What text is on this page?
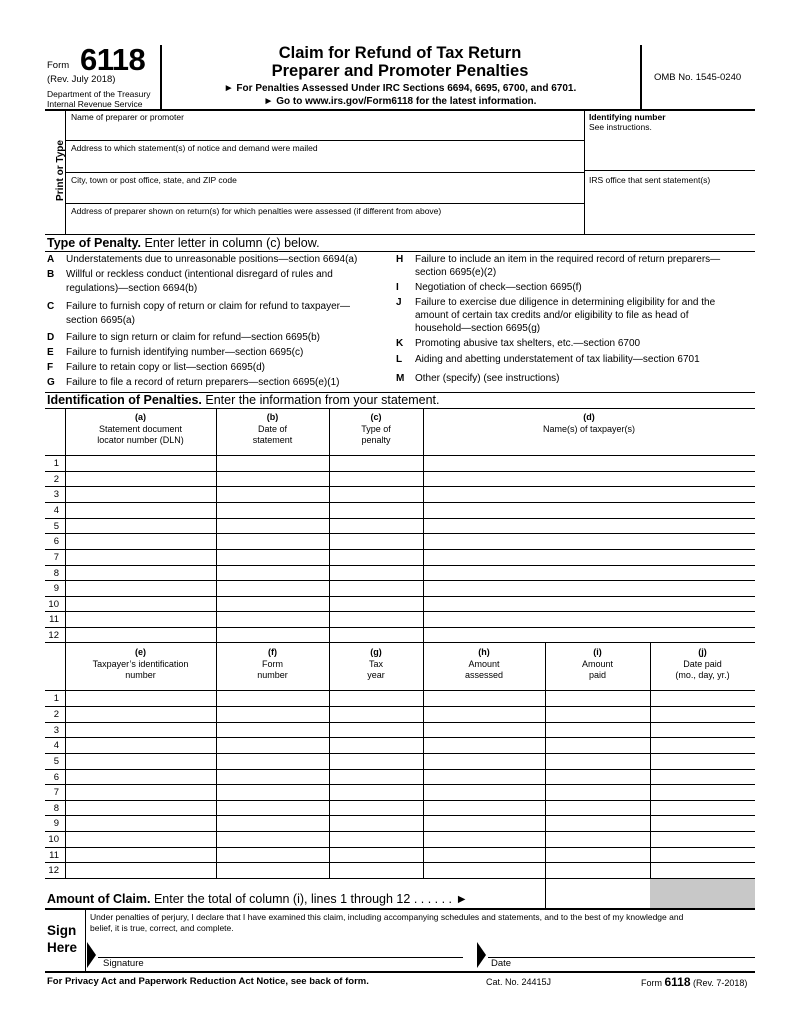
Form 6118
(Rev. July 2018)
Department of the Treasury
Internal Revenue Service
Claim for Refund of Tax Return
Preparer and Promoter Penalties
► For Penalties Assessed Under IRC Sections 6694, 6695, 6700, and 6701.
► Go to www.irs.gov/Form6118 for the latest information.
OMB No. 1545-0240
Print or Type
Name of preparer or promoter
Address to which statement(s) of notice and demand were mailed
City, town or post office, state, and ZIP code
Address of preparer shown on return(s) for which penalties were assessed (if different from above)
Identifying number
See instructions.
IRS office that sent statement(s)
Type of Penalty. Enter letter in column (c) below.
A Understatements due to unreasonable positions—section 6694(a)
B Willful or reckless conduct (intentional disregard of rules and
regulations)—section 6694(b)
C Failure to furnish copy of return or claim for refund to taxpayer—
section 6695(a)
D Failure to sign return or claim for refund—section 6695(b)
E Failure to furnish identifying number—section 6695(c)
F Failure to retain copy or list—section 6695(d)
G Failure to file a record of return preparers—section 6695(e)(1)
H Failure to include an item in the required record of return preparers—
section 6695(e)(2)
I Negotiation of check—section 6695(f)
J Failure to exercise due diligence in determining eligibility for and the
amount of certain tax credits and/or eligibility to file as head of
household—section 6695(g)
K Promoting abusive tax shelters, etc.—section 6700
L Aiding and abetting understatement of tax liability—section 6701
M Other (specify) (see instructions)
Identification of Penalties. Enter the information from your statement.
(a)
Statement document
locator number (DLN)
(b)
Date of
statement
(c)
Type of
penalty
(d)
Name(s) of taxpayer(s)
1
2
3
4
5
6
7
8
9
10
11
12
(e)
Taxpayer’s identification
number
(f)
Form
number
(g)
Tax
year
(h)
Amount
assessed
(i)
Amount
paid
(j)
Date paid
(mo., day, yr.)
1
2
3
4
5
6
7
8
9
10
11
12
Amount of Claim. Enter the total of column (i), lines 1 through 12 . . . . . . ►
Sign
Here
Under penalties of perjury, I declare that I have examined this claim, including accompanying schedules and statements, and to the best of my knowledge and
belief, it is true, correct, and complete.
Signature	Date
For Privacy Act and Paperwork Reduction Act Notice, see back of form.	Cat. No. 24415J	Form 6118 (Rev. 7-2018)
